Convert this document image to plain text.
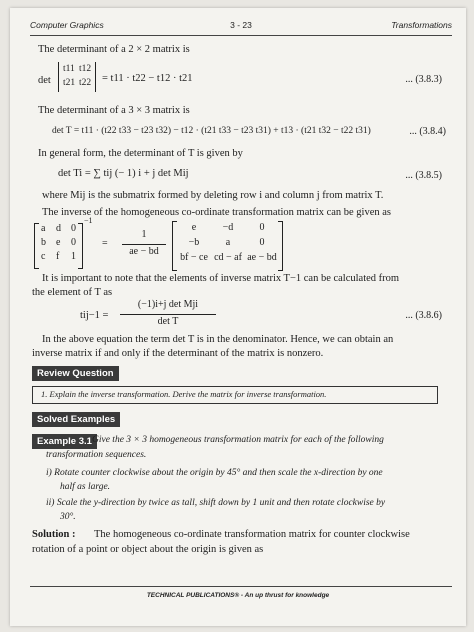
Computer Graphics	3 - 23	Transformations
The determinant of a 2 × 2 matrix is
det
t11 t12
t21 t22 = t11 · t22 − t12 · t21	... (3.8.3)
The determinant of a 3 × 3 matrix is
det T = t11 · (t22 t33 − t23 t32) − t12 · (t21 t33 − t23 t31) + t13 · (t21 t32 − t22 t31)	... (3.8.4)
In general form, the determinant of T is given by
det Ti = ∑ tij (− 1) i + j det Mij	... (3.8.5)
where Mij is the submatrix formed by deleting row i and column j from matrix T.
The inverse of the homogeneous co-ordinate transformation matrix can be given as
a d 0
b e 0
c f 1
−1
=
1
ae − bd
e	−d	0
−b	a	0
bf − ce cd − af ae − bd
It is important to note that the elements of inverse matrix T−1 can be calculated from
the element of T as
tij−1 =
(−1)i+j det Mji
det T
... (3.8.6)
In the above equation the term det T is in the denominator. Hence, we can obtain an
inverse matrix if and only if the determinant of the matrix is nonzero.
Review Question
1. Explain the inverse transformation. Derive the matrix for inverse transformation.
Solved Examples
Example 3.1 Give the 3 × 3 homogeneous transformation matrix for each of the following
transformation sequences.
i) Rotate counter clockwise about the origin by 45° and then scale the x-direction by one
half as large.
ii) Scale the y-direction by twice as tall, shift down by 1 unit and then rotate clockwise by
30°.
Solution : The homogeneous co-ordinate transformation matrix for counter clockwise
rotation of a point or object about the origin is given as
TECHNICAL PUBLICATIONS® - An up thrust for knowledge
